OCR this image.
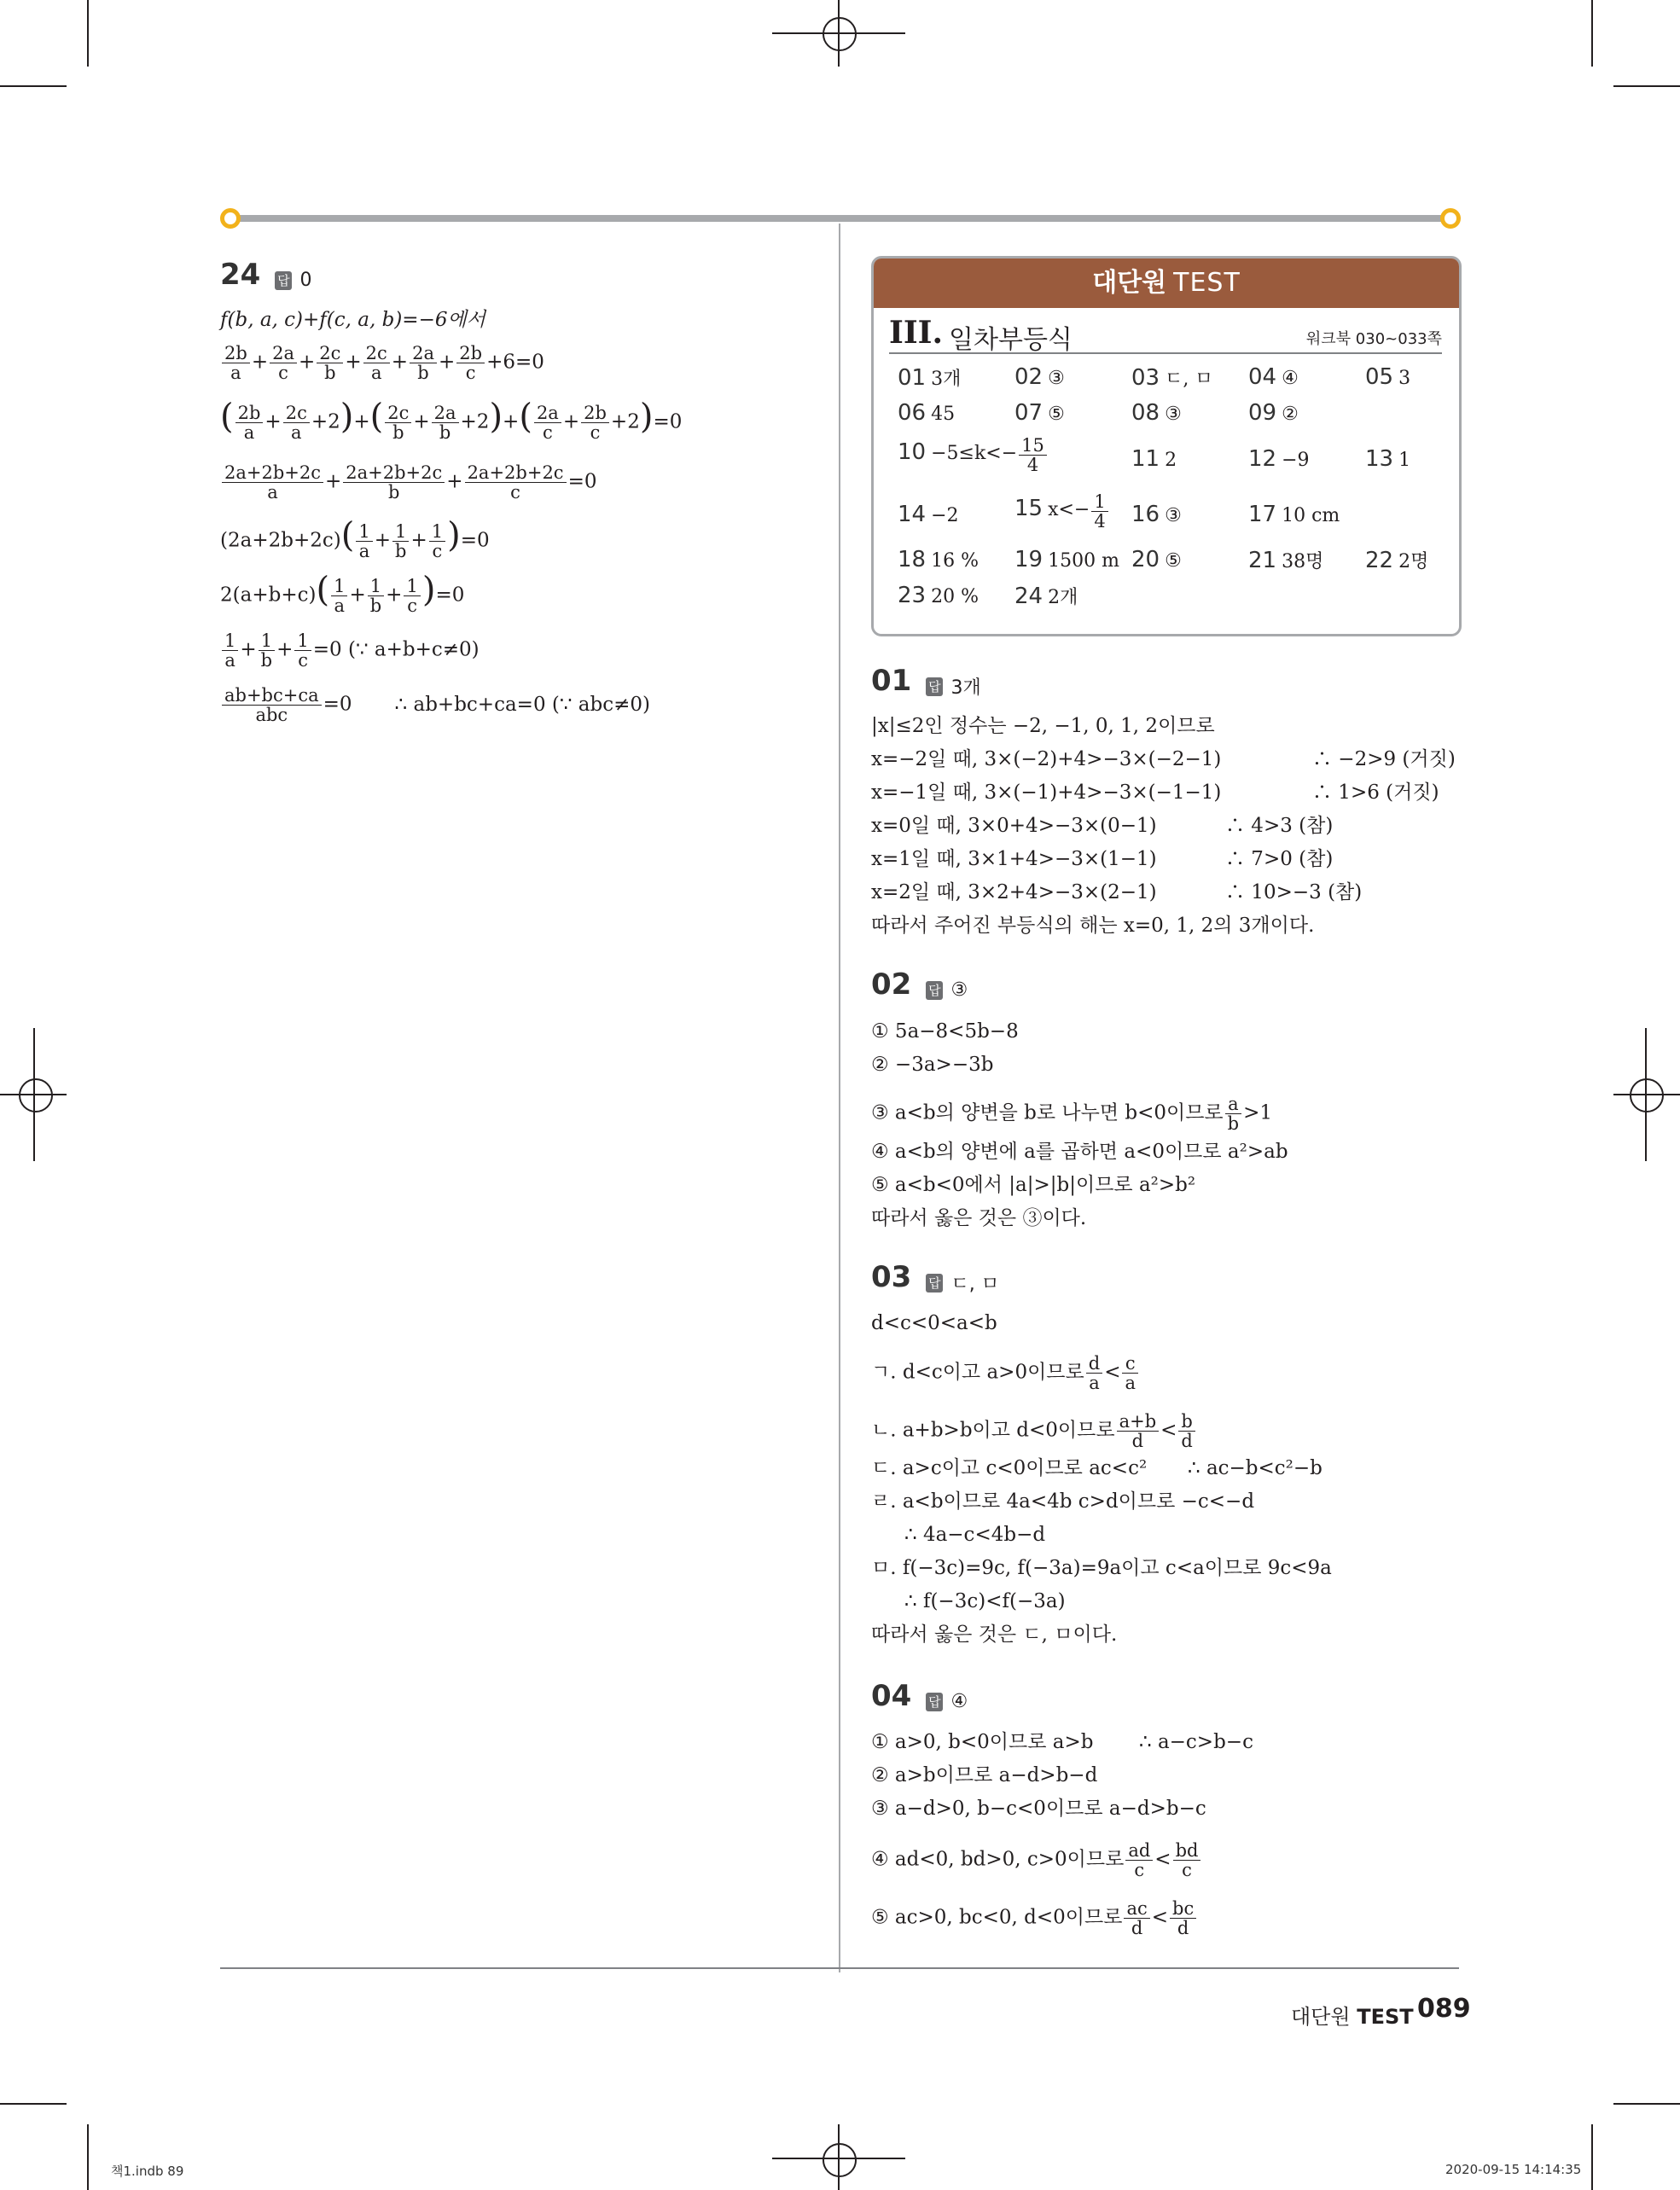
24 답 0
f(b, a, c)+f(c, a, b)=−6에서
$\frac{2b}{a} + \frac{2a}{c} + \frac{2c}{b} + \frac{2c}{a} + \frac{2a}{b} + \frac{2b}{c} +6=0$
( $\frac{2b}{a} + \frac{2c}{a} +2)+( \frac{2c}{b} + \frac{2a}{b} +2)+( \frac{2a}{c} + \frac{2b}{c} +2)=0$
$\frac{2a+2b+2c}{a} + \frac{2a+2b+2c}{b} + \frac{2a+2b+2c}{c} =0$
$(2a+2b+2c)( \frac{1}{a} + \frac{1}{b} + \frac{1}{c} )=0$
$2(a+b+c)( \frac{1}{a} + \frac{1}{b} + \frac{1}{c} )=0$
$\frac{1}{a} + \frac{1}{b} + \frac{1}{c} =0$ (∵ a+b+c≠0)
$\frac{ab+bc+ca}{\text{abc}} =0$ ∴ ab+bc+ca=0 (∵ abc≠0)
대단원 TEST
III. 일차부등식	워크북 030~033쪽
01 3개 02 ③	03 ㄷ, ㅁ 04 ④	05 3
06 45	07 ⑤	08 ③	09 ②
$10 -5\le k<- \frac{15}{4}$	11 2	12 −9	13 1
14 −2	15 $x<- \frac{1}{4} 16$ ③	17 10 cm
18 16 % 19 1500 m 20 ⑤	21 38명 22 2명
23 20 % 24 2개
01 답 3개
|x|≤2인 정수는 −2, −1, 0, 1, 2이므로
x=−2일 때, 3×(−2)+4>−3×(−2−1)	∴ −2>9 (거짓)
x=−1일 때, 3×(−1)+4>−3×(−1−1)	∴ 1>6 (거짓)
x=0일 때, 3×0+4>−3×(0−1)	∴ 4>3 (참)
x=1일 때, 3×1+4>−3×(1−1)	∴ 7>0 (참)
x=2일 때, 3×2+4>−3×(2−1)	∴ 10>−3 (참)
따라서 주어진 부등식의 해는 x=0, 1, 2의 3개이다.
02 답 ③
① 5a−8<5b−8
② −3a>−3b
③ a<b의 양변을 b로 나누면 b<0이므로 $\frac{a}{b} >1$
④ a<b의 양변에 a를 곱하면 a<0이므로 a²>ab
⑤ a<b<0에서 |a|>|b|이므로 a²>b²
따라서 옳은 것은 ③이다.
03 답 ㄷ, ㅁ
d<c<0<a<b
ㄱ. d<c이고 a>0이므로 $\frac{d}{a} < \frac{c}{a}$
ㄴ. a+b>b이고 d<0이므로 $\frac{a+b}{d} < \frac{b}{d}$
ㄷ. a>c이고 c<0이므로 ac<c² ∴ ac−b<c²−b
ㄹ. a<b이므로 4a<4b c>d이므로 −c<−d
∴ 4a−c<4b−d
ㅁ. f(−3c)=9c, f(−3a)=9a이고 c<a이므로 9c<9a
∴ f(−3c)<f(−3a)
따라서 옳은 것은 ㄷ, ㅁ이다.
04 답 ④
① a>0, b<0이므로 a>b ∴ a−c>b−c
② a>b이므로 a−d>b−d
③ a−d>0, b−c<0이므로 a−d>b−c
④ ad<0, bd>0, c>0이므로 $\frac{ad}{c} < \frac{bd}{c}$
⑤ ac>0, bc<0, d<0이므로 $\frac{ac}{d} < \frac{bc}{d}$
대단원 TEST 089
책1.indb 89	2020-09-15 14:14:35
